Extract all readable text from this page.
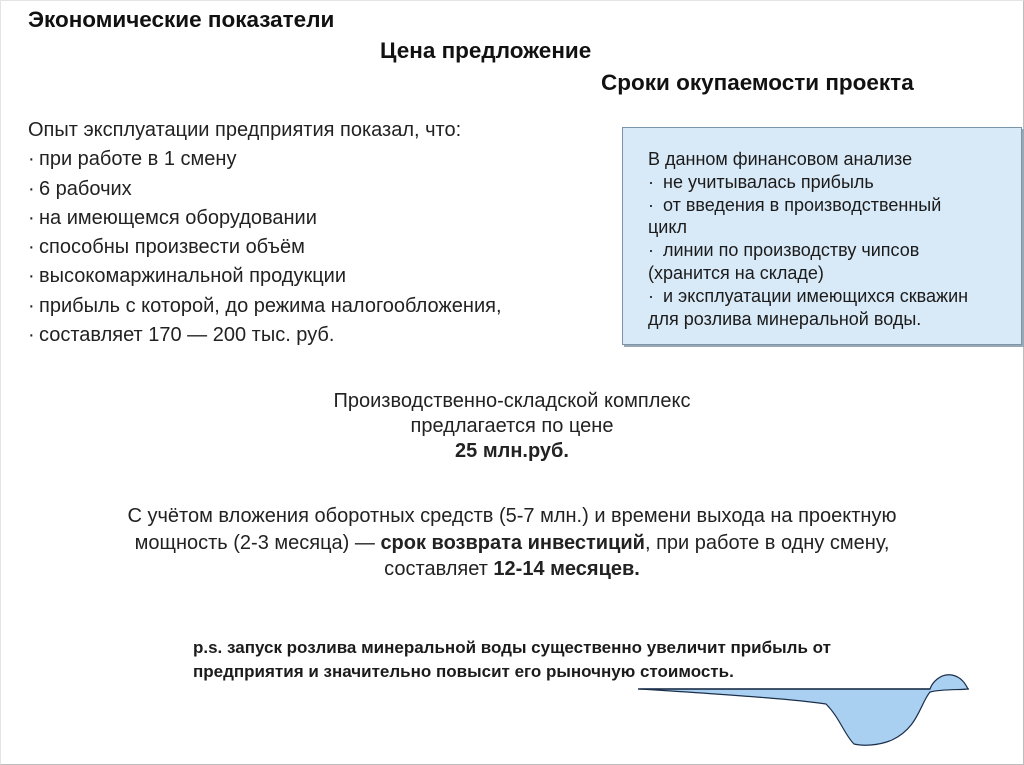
Экономические показатели
Цена предложение
Сроки окупаемости проекта
Опыт эксплуатации предприятия показал, что:
· при работе в 1 смену
· 6 рабочих
· на имеющемся оборудовании
· способны произвести объём
· высокомаржинальной продукции
· прибыль с которой, до режима налогообложения,
· составляет 170 — 200 тыс. руб.
В данном финансовом анализе
· не учитывалась прибыль
· от введения в производственный
цикл
· линии по производству чипсов
(хранится на складе)
· и эксплуатации имеющихся скважин
для розлива минеральной воды.
Производственно-складской комплекс
предлагается по цене
25 млн.руб.
С учётом вложения оборотных средств (5-7 млн.) и времени выхода на проектную
мощность (2-3 месяца) — срок возврата инвестиций, при работе в одну смену,
составляет 12-14 месяцев.
p.s. запуск розлива минеральной воды существенно увеличит прибыль от
предприятия и значительно повысит его рыночную стоимость.
